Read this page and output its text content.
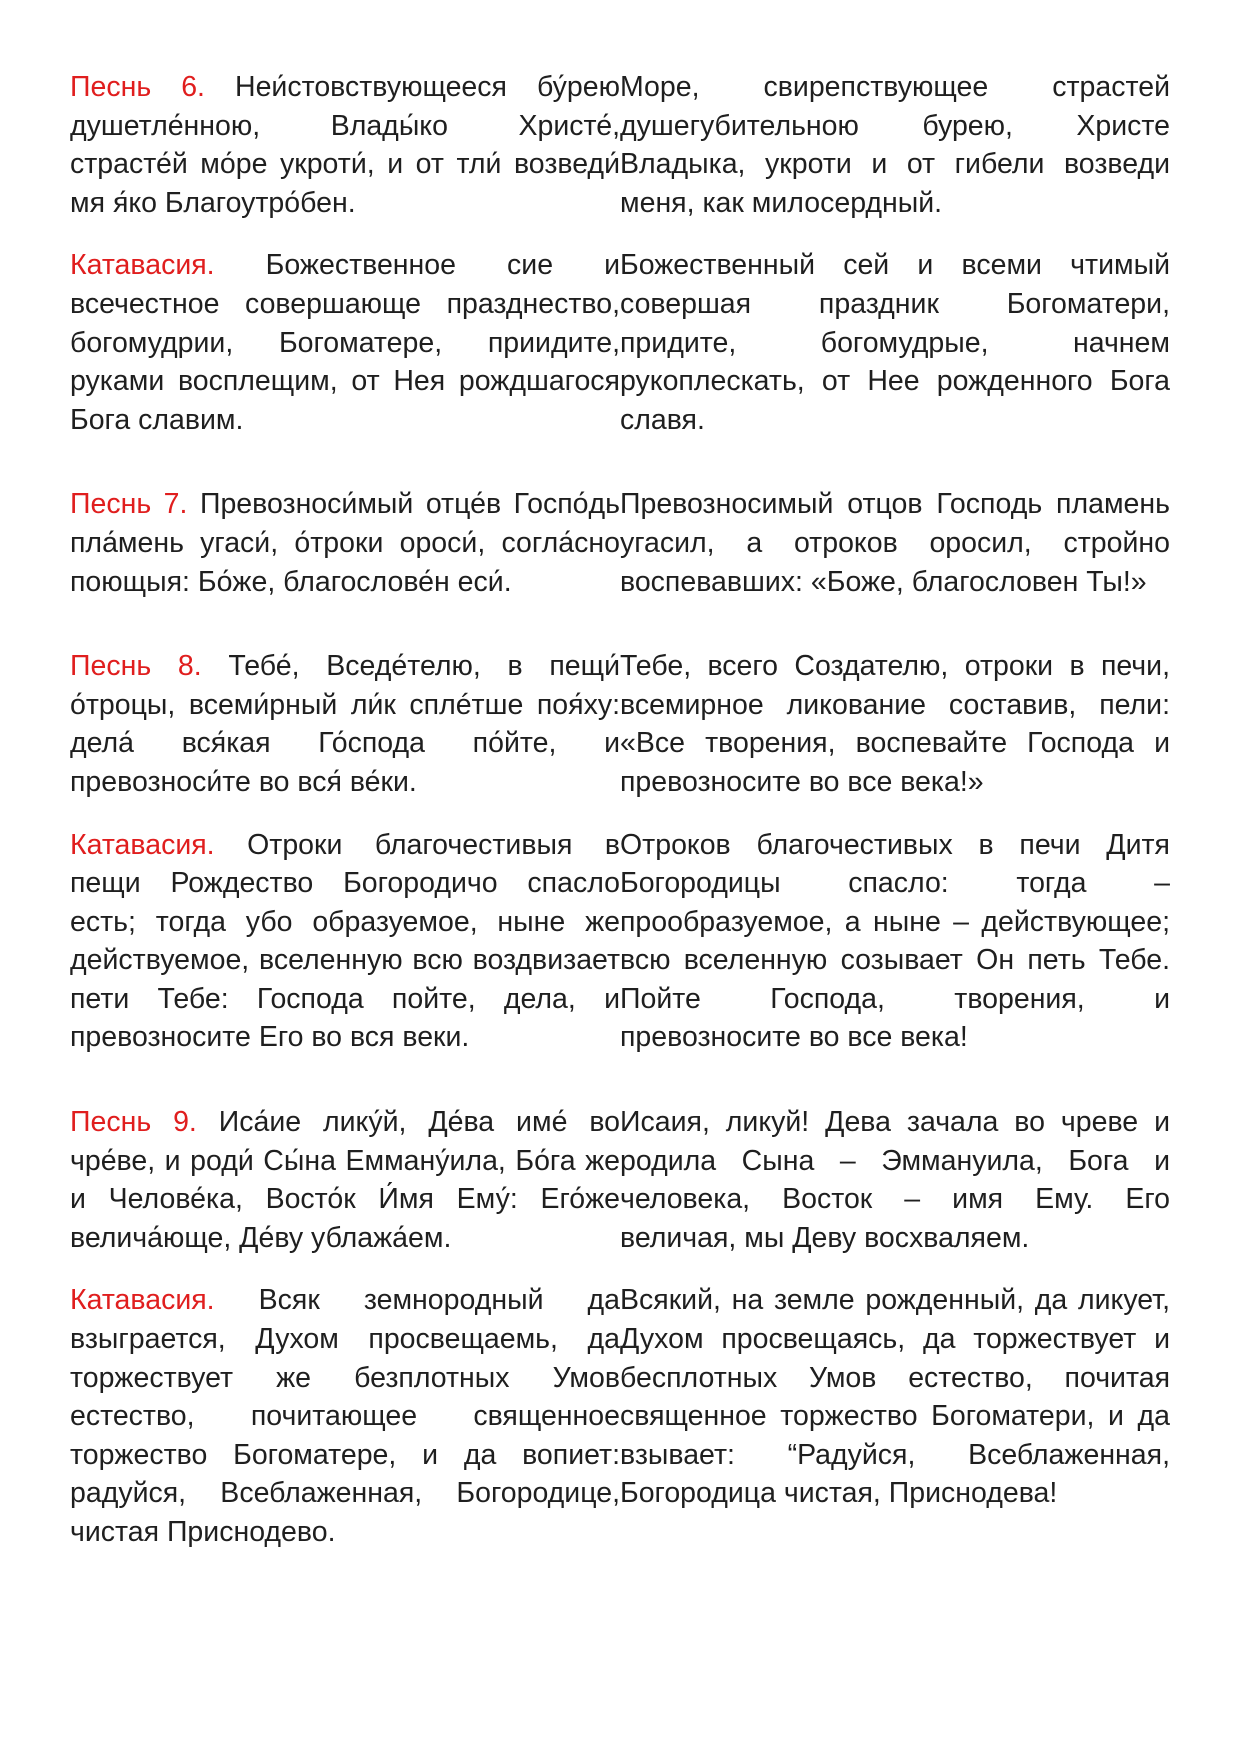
Песнь 6. Неи́стовствующееся бу́рею душетле́нною, Влады́ко Христе́, страсте́й мо́ре укроти́, и от тли́ возведи́ мя я́ко Благоутро́бен.
Море, свирепствующее страстей душегубительною бурею, Христе Владыка, укроти и от гибели возведи меня, как милосердный.
Катавасия. Божественное сие и всечестное совершающе празднество, богомудрии, Богоматере, приидите, руками восплещим, от Нея рождшагося Бога славим.
Божественный сей и всеми чтимый совершая праздник Богоматери, придите, богомудрые, начнем рукоплескать, от Нее рожденного Бога славя.
Песнь 7. Превозноси́мый отце́в Госпо́дь пла́мень угаси́, о́троки ороси́, согла́сно поющыя: Бо́же, благослове́н еси́.
Превозносимый отцов Господь пламень угасил, а отроков оросил, стройно воспевавших: «Боже, благословен Ты!»
Песнь 8. Тебе́, Вседе́телю, в пещи́ о́троцы, всеми́рный ли́к сплéтше поя́ху: дела́ вся́кая Го́спода по́йте, и превозноси́те во вся́ ве́ки.
Тебе, всего Создателю, отроки в печи, всемирное ликование составив, пели: «Все творения, воспевайте Господа и превозносите во все века!»
Катавасия. Отроки благочестивыя в пещи Рождество Богородичо спасло есть; тогда убо образуемое, ныне же действуемое, вселенную всю воздвизает пети Тебе: Господа пойте, дела, и превозносите Его во вся веки.
Отроков благочестивых в печи Дитя Богородицы спасло: тогда – прообразуемое, а ныне – действующее; всю вселенную созывает Он петь Тебе. Пойте Господа, творения, и превозносите во все века!
Песнь 9. Иса́ие лику́й, Де́ва име́ во чре́ве, и роди́ Сы́на Емману́ила, Бо́га же и Челове́ка, Восто́к И́мя Ему́: Его́же велича́юще, Де́ву ублажа́ем.
Исаия, ликуй! Дева зачала во чреве и родила Сына – Эммануила, Бога и человека, Восток – имя Ему. Его величая, мы Деву восхваляем.
Катавасия. Всяк земнородный да взыграется, Духом просвещаемь, да торжествует же безплотных Умов естество, почитающее священное торжество Богоматере, и да вопиет: радуйся, Всеблаженная, Богородице, чистая Приснодево.
Всякий, на земле рожденный, да ликует, Духом просвещаясь, да торжествует и бесплотных Умов естество, почитая священное торжество Богоматери, и да взывает: “Радуйся, Всеблаженная, Богородица чистая, Приснодева!
